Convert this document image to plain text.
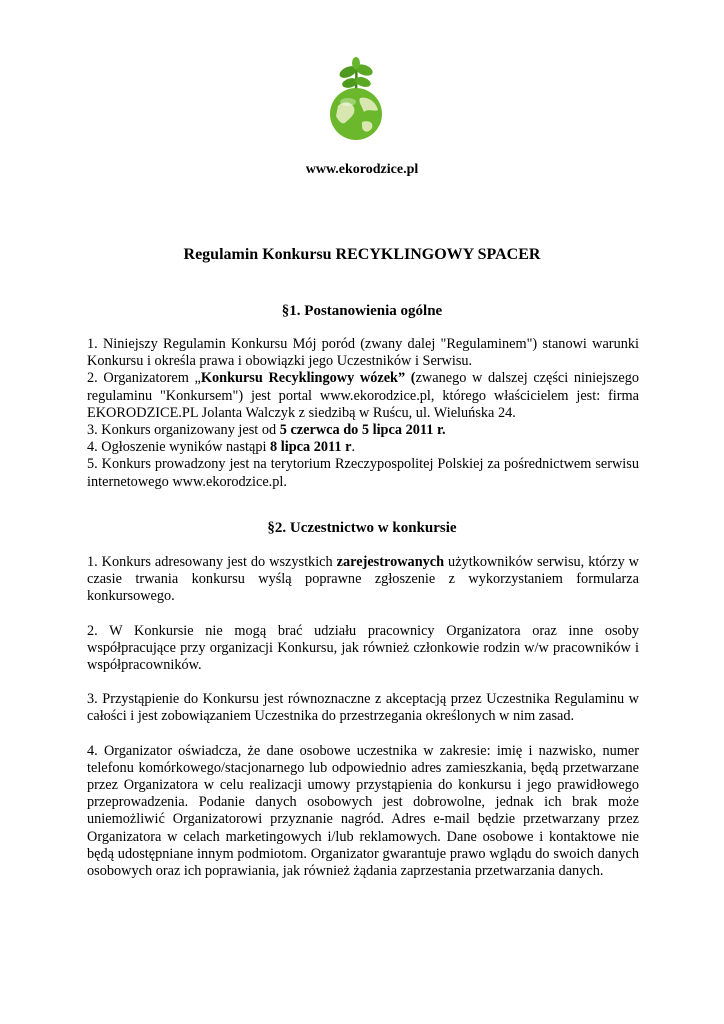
www.ekorodzice.pl
Regulamin Konkursu RECYKLINGOWY SPACER
§1. Postanowienia ogólne

1. Niniejszy Regulamin Konkursu Mój poród (zwany dalej "Regulaminem") stanowi warunki Konkursu i określa prawa i obowiązki jego Uczestników i Serwisu.

2. Organizatorem „Konkursu Recyklingowy wózek” (zwanego w dalszej części niniejszego regulaminu "Konkursem") jest portal www.ekorodzice.pl, którego właścicielem jest: firma EKORODZICE.PL Jolanta Walczyk z siedzibą w Ruścu, ul. Wieluńska 24.

3. Konkurs organizowany jest od 5 czerwca do 5 lipca 2011 r.

4. Ogłoszenie wyników nastąpi 8 lipca 2011 r.

5. Konkurs prowadzony jest na terytorium Rzeczypospolitej Polskiej za pośrednictwem serwisu internetowego www.ekorodzice.pl.

§2. Uczestnictwo w konkursie

1. Konkurs adresowany jest do wszystkich zarejestrowanych użytkowników serwisu, którzy w czasie trwania konkursu wyślą poprawne zgłoszenie z wykorzystaniem formularza konkursowego.

2. W Konkursie nie mogą brać udziału pracownicy Organizatora oraz inne osoby współpracujące przy organizacji Konkursu, jak również członkowie rodzin w/w pracowników i współpracowników.

3. Przystąpienie do Konkursu jest równoznaczne z akceptacją przez Uczestnika Regulaminu w całości i jest zobowiązaniem Uczestnika do przestrzegania określonych w nim zasad.

4. Organizator oświadcza, że dane osobowe uczestnika w zakresie: imię i nazwisko, numer telefonu komórkowego/stacjonarnego lub odpowiednio adres zamieszkania, będą przetwarzane przez Organizatora w celu realizacji umowy przystąpienia do konkursu i jego prawidłowego przeprowadzenia. Podanie danych osobowych jest dobrowolne, jednak ich brak może uniemożliwić Organizatorowi przyznanie nagród. Adres e-mail będzie przetwarzany przez Organizatora w celach marketingowych i/lub reklamowych. Dane osobowe i kontaktowe nie będą udostępniane innym podmiotom. Organizator gwarantuje prawo wglądu do swoich danych osobowych oraz ich poprawiania, jak również żądania zaprzestania przetwarzania danych.
